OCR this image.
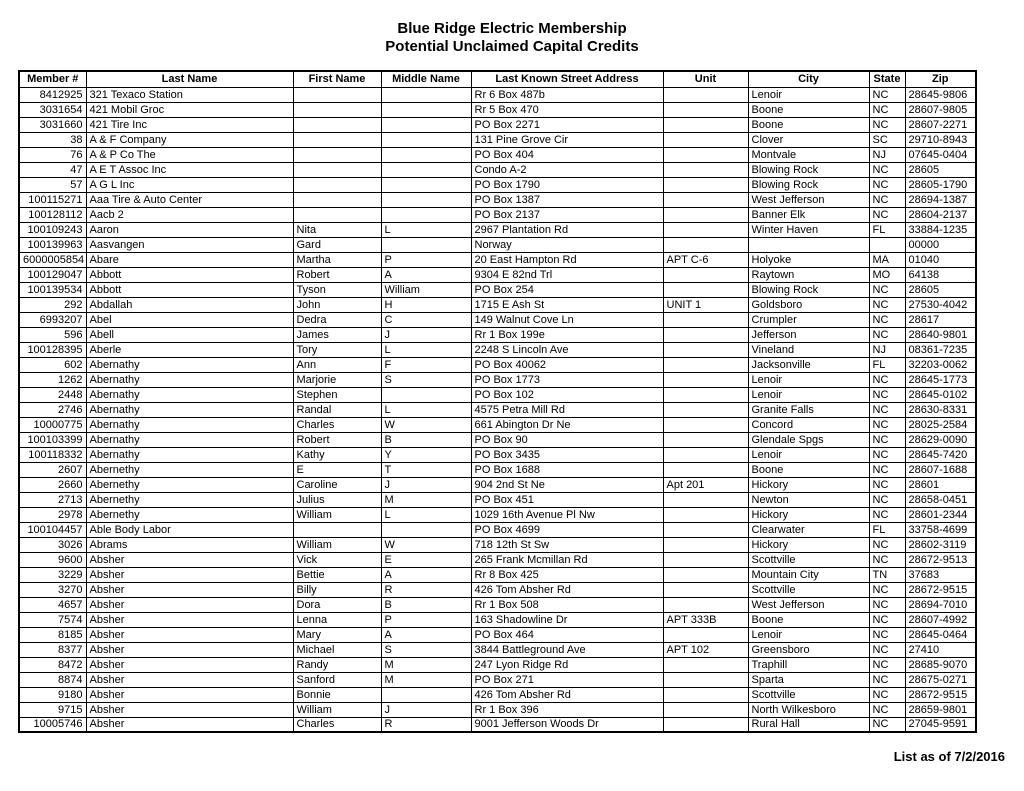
Blue Ridge Electric Membership
Potential Unclaimed Capital Credits
Member #	Last Name	First Name	Middle Name	Last Known Street Address	Unit	City	State	Zip
8412925	321 Texaco Station			Rr 6 Box 487b		Lenoir	NC	28645-9806
3031654	421 Mobil Groc			Rr 5 Box 470		Boone	NC	28607-9805
3031660	421 Tire Inc			PO Box 2271		Boone	NC	28607-2271
38	A & F Company			131 Pine Grove Cir		Clover	SC	29710-8943
76	A & P Co The			PO Box 404		Montvale	NJ	07645-0404
47	A E T Assoc Inc			Condo A-2		Blowing Rock	NC	28605
57	A G L Inc			PO Box 1790		Blowing Rock	NC	28605-1790
100115271	Aaa Tire & Auto Center			PO Box 1387		West Jefferson	NC	28694-1387
100128112	Aacb 2			PO Box 2137		Banner Elk	NC	28604-2137
100109243	Aaron	Nita	L	2967 Plantation Rd		Winter Haven	FL	33884-1235
100139963	Aasvangen	Gard		Norway				00000
6000005854	Abare	Martha	P	20 East Hampton Rd	APT C-6	Holyoke	MA	01040
100129047	Abbott	Robert	A	9304 E 82nd Trl		Raytown	MO	64138
100139534	Abbott	Tyson	William	PO Box 254		Blowing Rock	NC	28605
292	Abdallah	John	H	1715 E Ash St	UNIT 1	Goldsboro	NC	27530-4042
6993207	Abel	Dedra	C	149 Walnut Cove Ln		Crumpler	NC	28617
596	Abell	James	J	Rr 1 Box 199e		Jefferson	NC	28640-9801
100128395	Aberle	Tory	L	2248 S Lincoln Ave		Vineland	NJ	08361-7235
602	Abernathy	Ann	F	PO Box 40062		Jacksonville	FL	32203-0062
1262	Abernathy	Marjorie	S	PO Box 1773		Lenoir	NC	28645-1773
2448	Abernathy	Stephen		PO Box 102		Lenoir	NC	28645-0102
2746	Abernathy	Randal	L	4575 Petra Mill Rd		Granite Falls	NC	28630-8331
10000775	Abernathy	Charles	W	661 Abington Dr Ne		Concord	NC	28025-2584
100103399	Abernathy	Robert	B	PO Box 90		Glendale Spgs	NC	28629-0090
100118332	Abernathy	Kathy	Y	PO Box 3435		Lenoir	NC	28645-7420
2607	Abernethy	E	T	PO Box 1688		Boone	NC	28607-1688
2660	Abernethy	Caroline	J	904 2nd St Ne	Apt 201	Hickory	NC	28601
2713	Abernethy	Julius	M	PO Box 451		Newton	NC	28658-0451
2978	Abernethy	William	L	1029 16th Avenue Pl Nw		Hickory	NC	28601-2344
100104457	Able Body Labor			PO Box 4699		Clearwater	FL	33758-4699
3026	Abrams	William	W	718 12th St Sw		Hickory	NC	28602-3119
9600	Absher	Vick	E	265 Frank Mcmillan Rd		Scottville	NC	28672-9513
3229	Absher	Bettie	A	Rr 8 Box 425		Mountain City	TN	37683
3270	Absher	Billy	R	426 Tom Absher Rd		Scottville	NC	28672-9515
4657	Absher	Dora	B	Rr 1 Box 508		West Jefferson	NC	28694-7010
7574	Absher	Lenna	P	163 Shadowline Dr	APT 333B	Boone	NC	28607-4992
8185	Absher	Mary	A	PO Box 464		Lenoir	NC	28645-0464
8377	Absher	Michael	S	3844 Battleground Ave	APT 102	Greensboro	NC	27410
8472	Absher	Randy	M	247 Lyon Ridge Rd		Traphill	NC	28685-9070
8874	Absher	Sanford	M	PO Box 271		Sparta	NC	28675-0271
9180	Absher	Bonnie		426 Tom Absher Rd		Scottville	NC	28672-9515
9715	Absher	William	J	Rr 1 Box 396		North Wilkesboro	NC	28659-9801
10005746	Absher	Charles	R	9001 Jefferson Woods Dr		Rural Hall	NC	27045-9591
List as of 7/2/2016
